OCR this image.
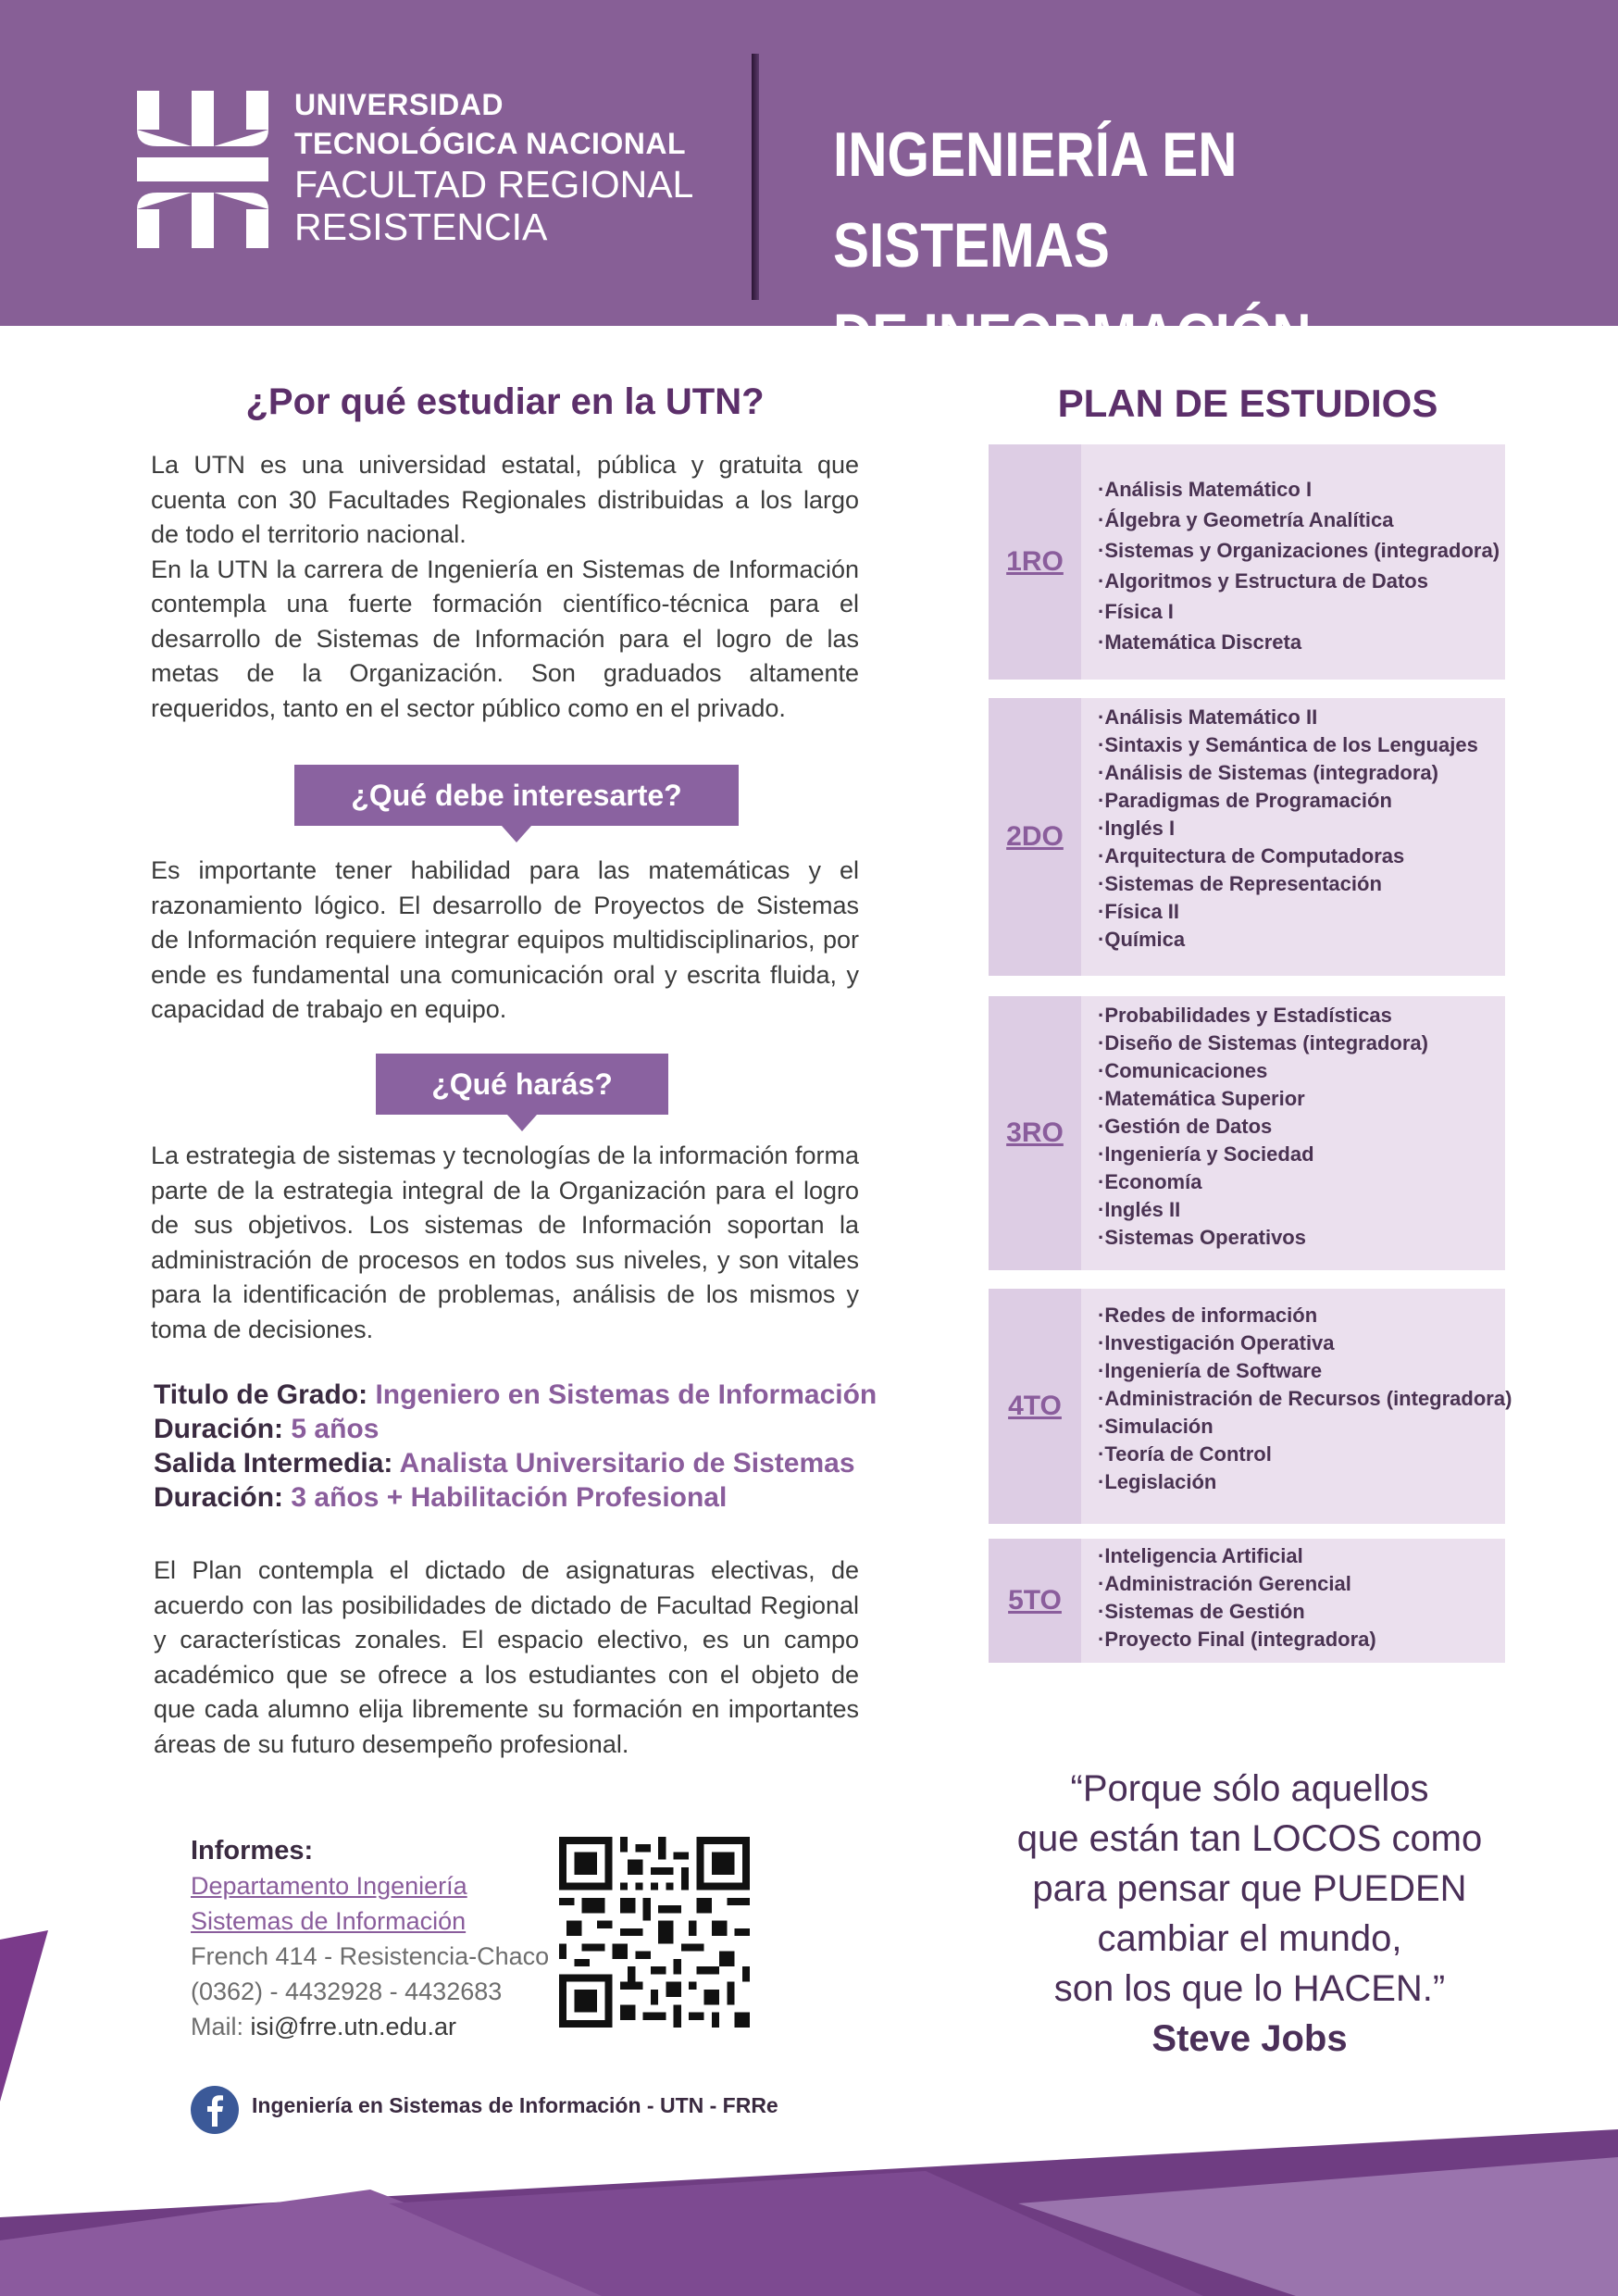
UNIVERSIDAD
TECNOLÓGICA NACIONAL
FACULTAD REGIONAL
RESISTENCIA
INGENIERÍA EN SISTEMAS
DE INFORMACIÓN
¿Por qué estudiar en la UTN?
La UTN es una universidad estatal, pública y gratuita que cuenta con 30 Facultades Regionales distribuidas a los largo de todo el territorio nacional.
En la UTN la carrera de Ingeniería en Sistemas de Información contempla una fuerte formación científico-técnica para el desarrollo de Sistemas de Información para el logro de las metas de la Organización. Son graduados altamente requeridos, tanto en el sector público como en el privado.
¿Qué debe interesarte?
Es importante tener habilidad para las matemáticas y el razonamiento lógico. El desarrollo de Proyectos de Sistemas de Información requiere integrar equipos multidisciplinarios, por ende es fundamental una comunicación oral y escrita fluida, y capacidad de trabajo en equipo.
¿Qué harás?
La estrategia de sistemas y tecnologías de la información forma parte de la estrategia integral de la Organización para el logro de sus objetivos. Los sistemas de Información soportan la administración de procesos en todos sus niveles, y son vitales para la identificación de problemas, análisis de los mismos y toma de decisiones.
Titulo de Grado: Ingeniero en Sistemas de Información
Duración: 5 años
Salida Intermedia: Analista Universitario de Sistemas
Duración: 3 años + Habilitación Profesional
El Plan contempla el dictado de asignaturas electivas, de acuerdo con las posibilidades de dictado de Facultad Regional y características zonales. El espacio electivo, es un campo académico que se ofrece a los estudiantes con el objeto de que cada alumno elija libremente su formación en importantes áreas de su futuro desempeño profesional.
Informes:
Departamento Ingeniería
Sistemas de Información
French 414 - Resistencia-Chaco
(0362) - 4432928 - 4432683
Mail: isi@frre.utn.edu.ar
Ingeniería en Sistemas de Información - UTN - FRRe
PLAN DE ESTUDIOS
1RO
·Análisis Matemático I
·Álgebra y Geometría Analítica
·Sistemas y Organizaciones (integradora)
·Algoritmos y Estructura de Datos
·Física I
·Matemática Discreta
2DO
·Análisis Matemático II
·Sintaxis y Semántica de los Lenguajes
·Análisis de Sistemas (integradora)
·Paradigmas de Programación
·Inglés I
·Arquitectura de Computadoras
·Sistemas de Representación
·Física II
·Química
3RO
·Probabilidades y Estadísticas
·Diseño de Sistemas (integradora)
·Comunicaciones
·Matemática Superior
·Gestión de Datos
·Ingeniería y Sociedad
·Economía
·Inglés II
·Sistemas Operativos
4TO
·Redes de información
·Investigación Operativa
·Ingeniería de Software
·Administración de Recursos (integradora)
·Simulación
·Teoría de Control
·Legislación
5TO
·Inteligencia Artificial
·Administración Gerencial
·Sistemas de Gestión
·Proyecto Final (integradora)
“Porque sólo aquellos
que están tan LOCOS como
para pensar que PUEDEN
cambiar el mundo,
son los que lo HACEN.”
Steve Jobs
